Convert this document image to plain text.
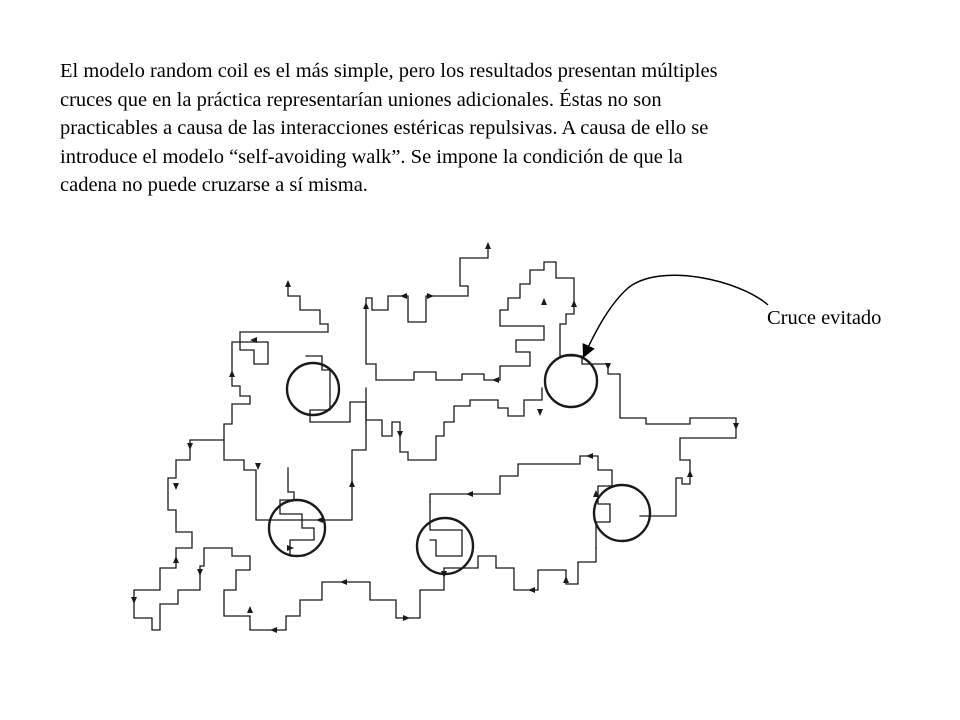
El modelo random coil es el más simple, pero los resultados presentan múltiples
cruces que en la práctica representarían uniones adicionales. Éstas no son
practicables a causa de las interacciones estéricas repulsivas. A causa de ello se
introduce el modelo “self-avoiding walk”. Se impone la condición de que la
cadena no puede cruzarse a sí misma.

Cruce evitado
